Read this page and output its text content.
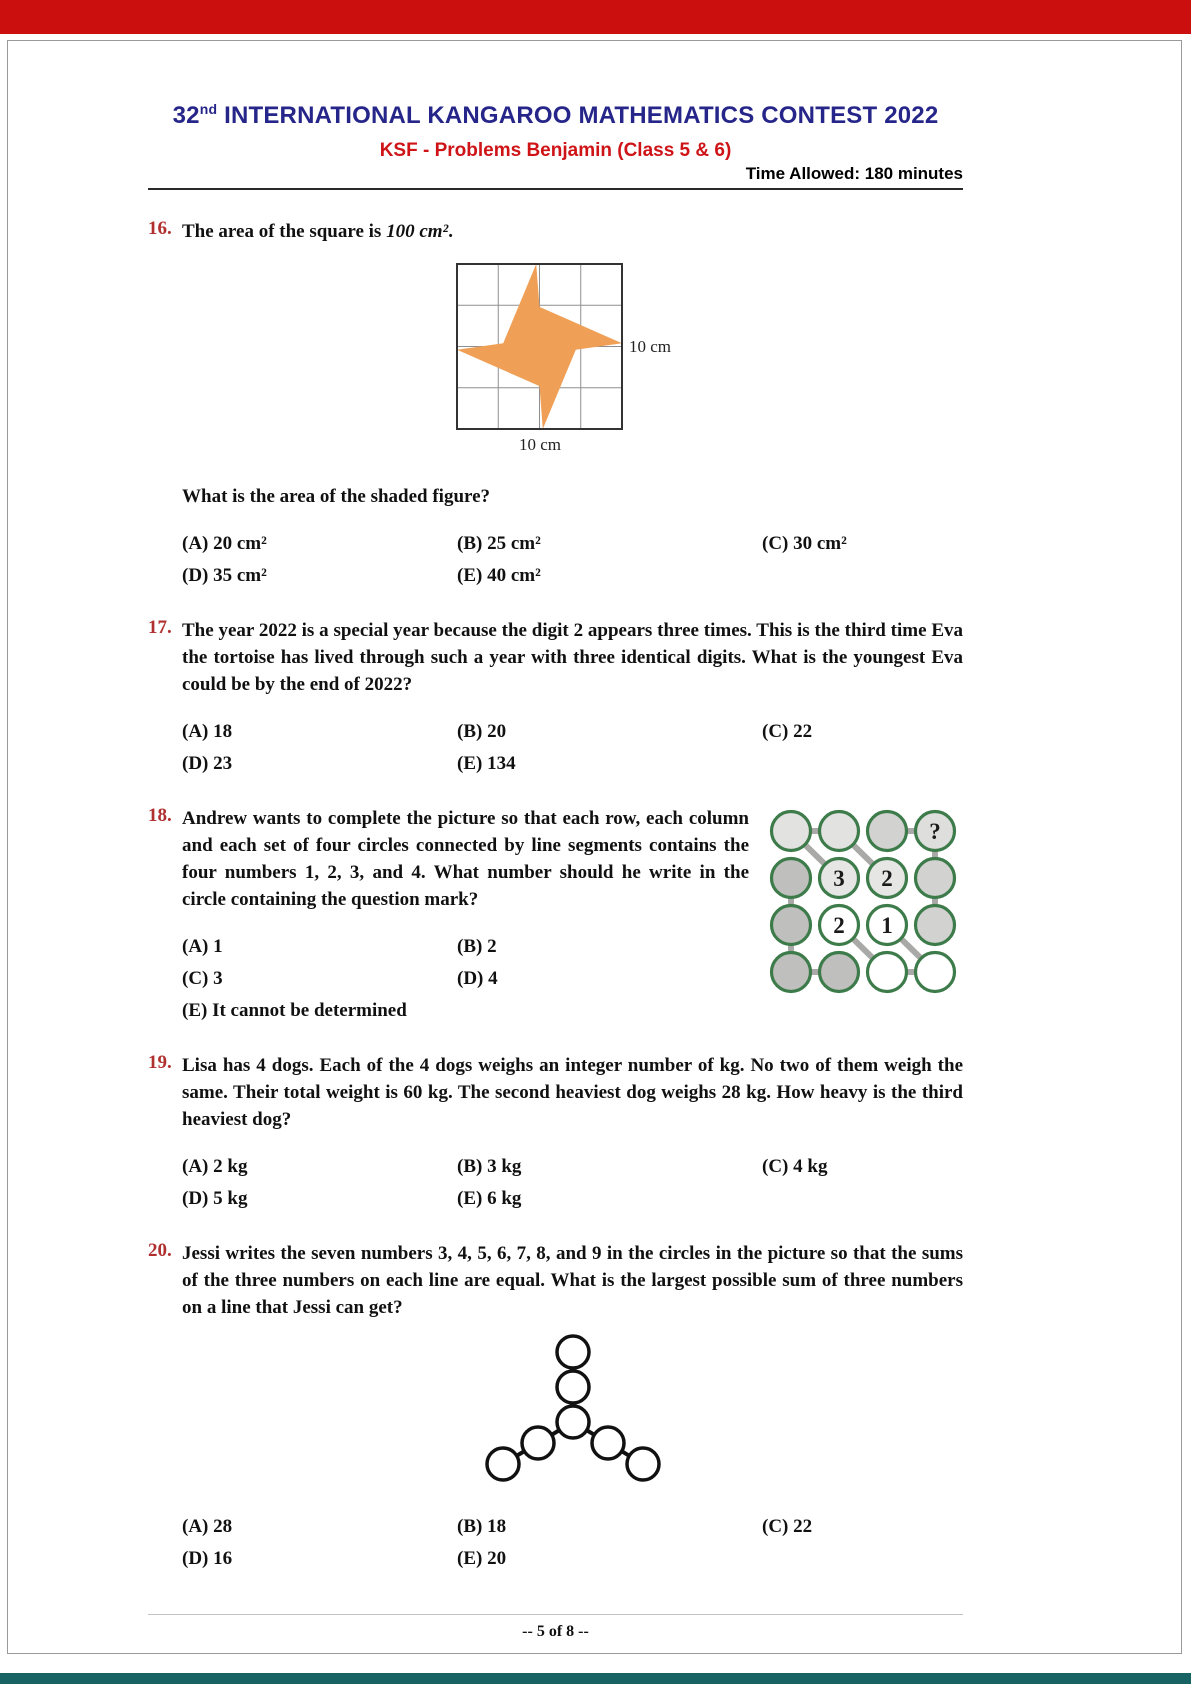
32nd INTERNATIONAL KANGAROO MATHEMATICS CONTEST 2022
KSF - Problems Benjamin (Class 5 & 6)
Time Allowed: 180 minutes
16. The area of the square is 100 cm².

10 cm
10 cm

What is the area of the shaded figure?

(A) 20 cm²	(B) 25 cm²	(C) 30 cm²
(D) 35 cm²	(E) 40 cm²
17. The year 2022 is a special year because the digit 2 appears three times. This is the third time Eva the tortoise has lived through such a year with three identical digits. What is the youngest Eva could be by the end of 2022?

(A) 18	(B) 20	(C) 22
(D) 23	(E) 134
18.
?
3 2
2 1

Andrew wants to complete the picture so that each row, each column and each set of four circles connected by line segments contains the four numbers 1, 2, 3, and 4. What number should he write in the circle containing the question mark?

(A) 1	(B) 2
(C) 3	(D) 4
(E) It cannot be determined
19. Lisa has 4 dogs. Each of the 4 dogs weighs an integer number of kg. No two of them weigh the same. Their total weight is 60 kg. The second heaviest dog weighs 28 kg. How heavy is the third heaviest dog?

(A) 2 kg	(B) 3 kg	(C) 4 kg
(D) 5 kg	(E) 6 kg
20. Jessi writes the seven numbers 3, 4, 5, 6, 7, 8, and 9 in the circles in the picture so that the sums of the three numbers on each line are equal. What is the largest possible sum of three numbers on a line that Jessi can get?

(A) 28	(B) 18	(C) 22
(D) 16	(E) 20
-- 5 of 8 --
